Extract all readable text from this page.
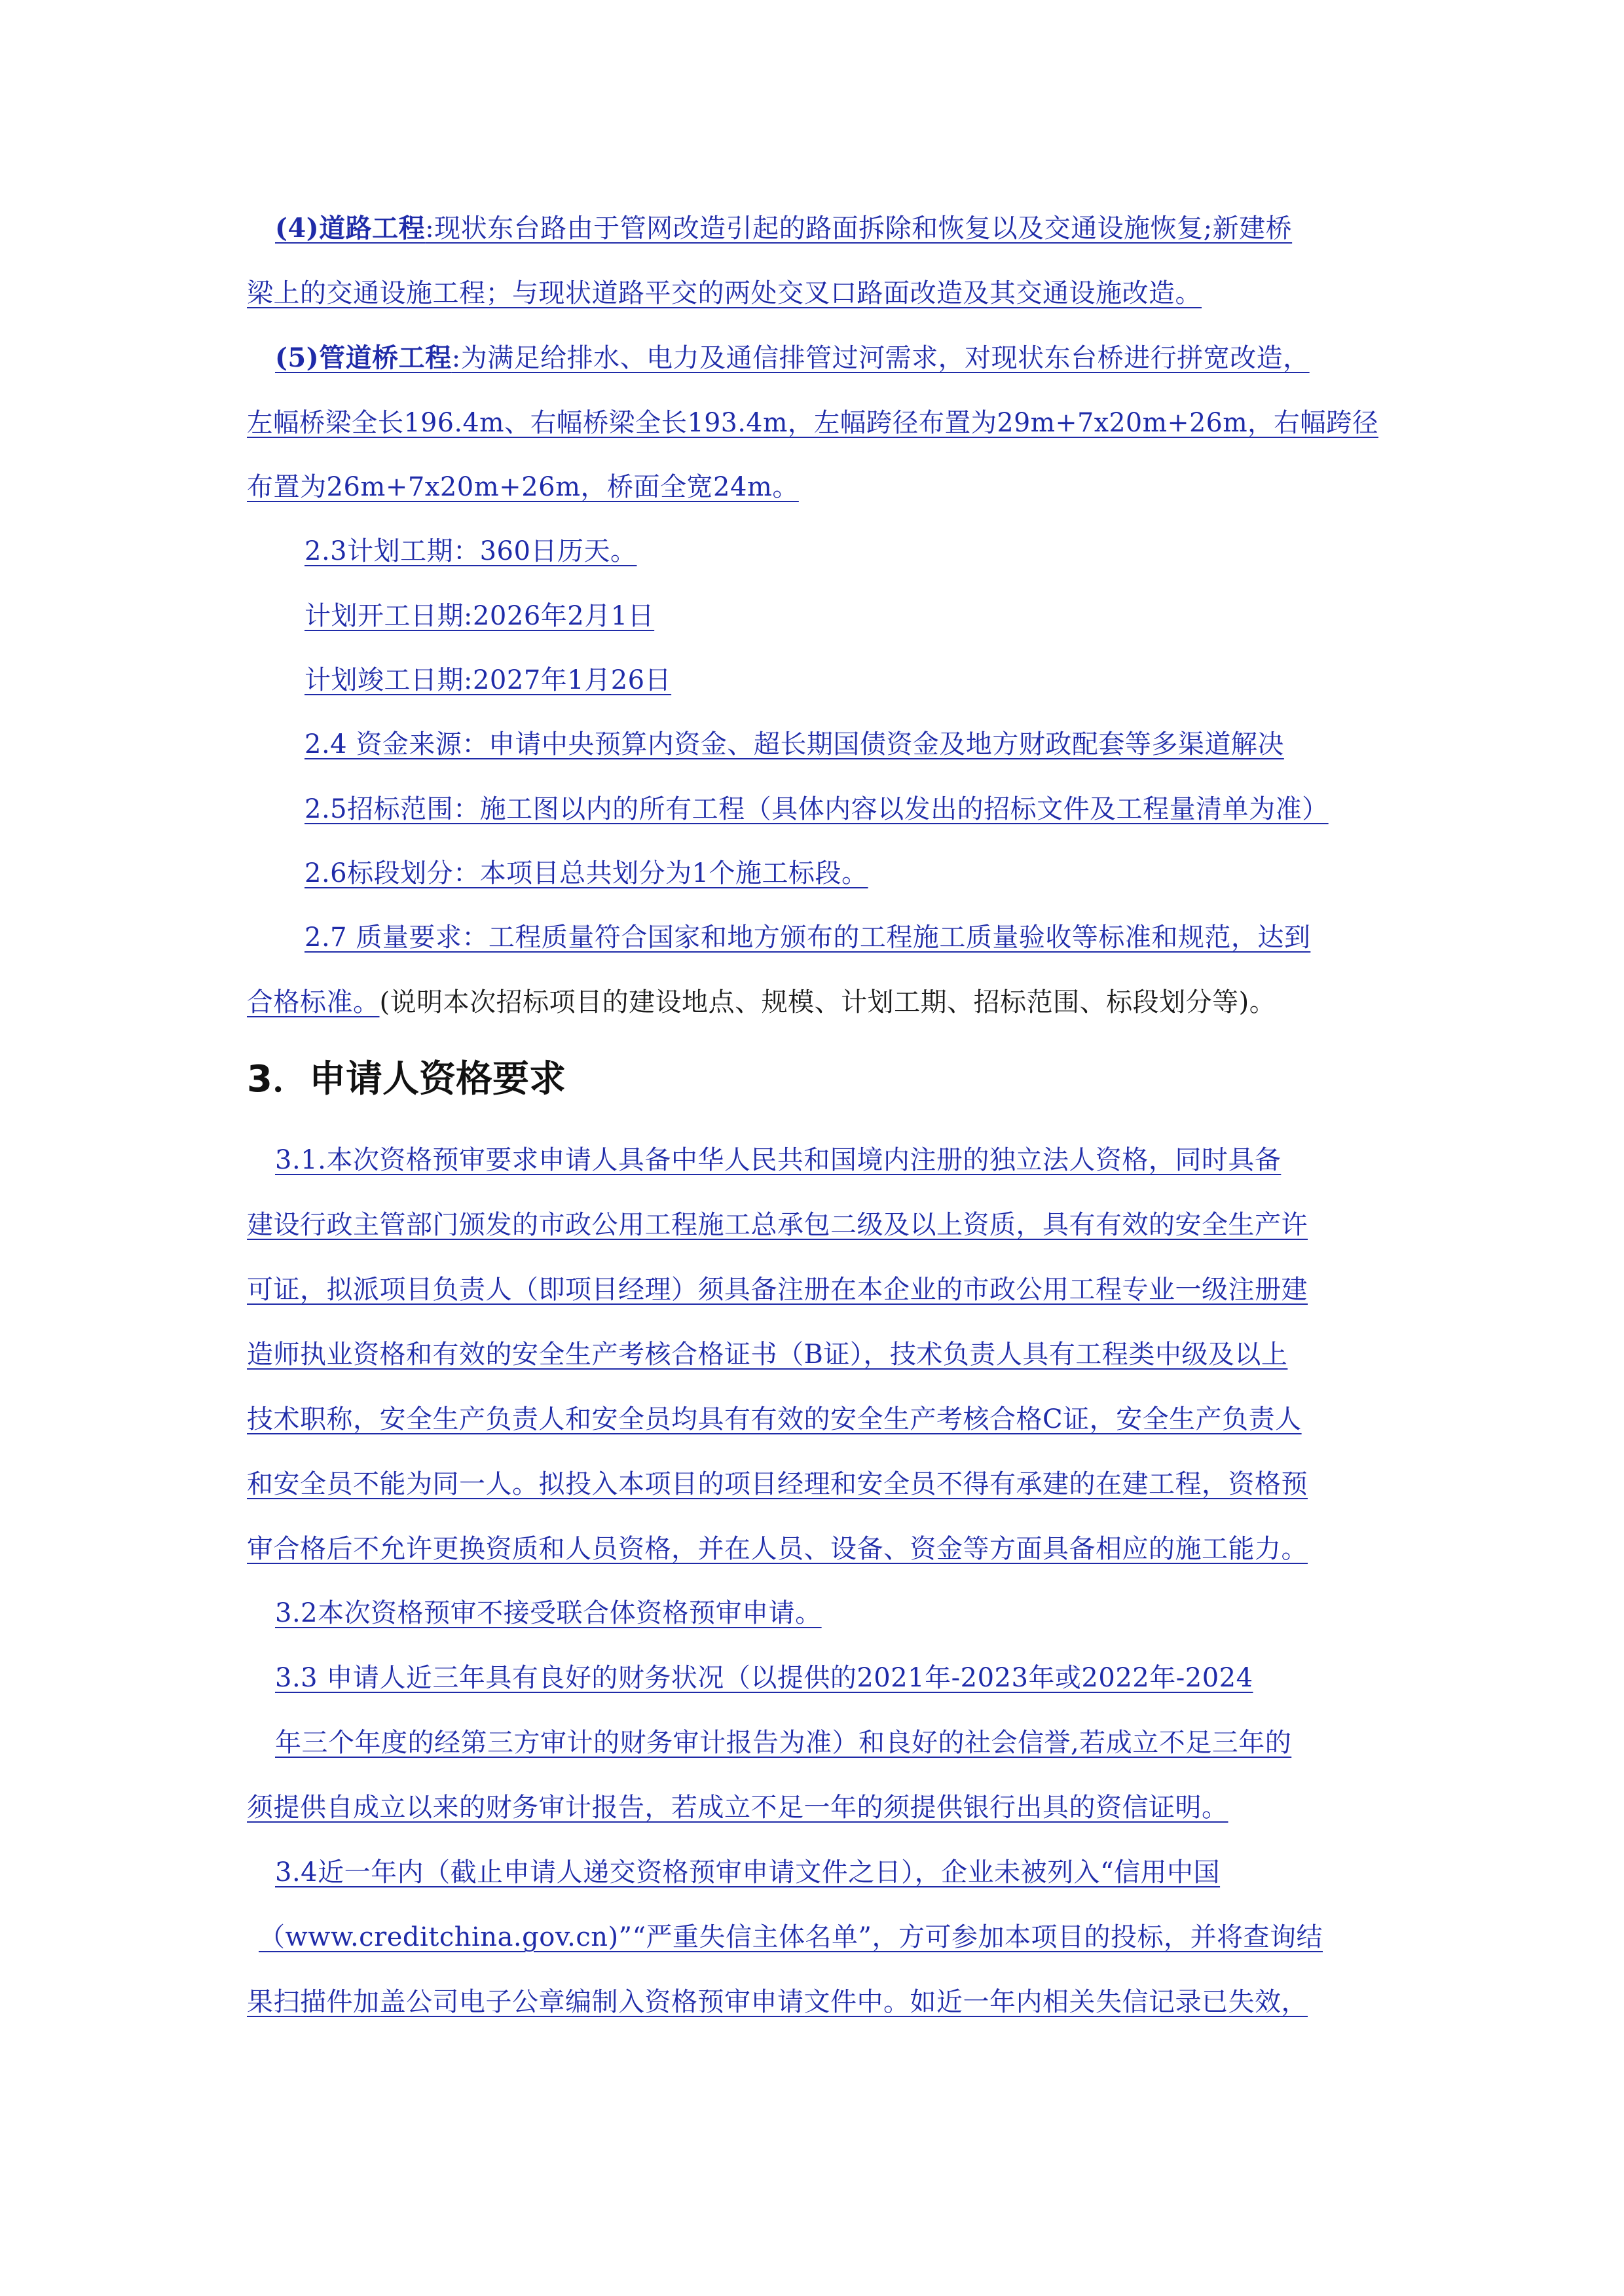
(4)道路工程:现状东台路由于管网改造引起的路面拆除和恢复以及交通设施恢复;新建桥
梁上的交通设施工程；与现状道路平交的两处交叉口路面改造及其交通设施改造。
(5)管道桥工程:为满足给排水、电力及通信排管过河需求，对现状东台桥进行拼宽改造，
左幅桥梁全长196.4m、右幅桥梁全长193.4m，左幅跨径布置为29m+7x20m+26m，右幅跨径
布置为26m+7x20m+26m，桥面全宽24m。
2.3计划工期：360日历天。
计划开工日期:2026年2月1日
计划竣工日期:2027年1月26日
2.4 资金来源：申请中央预算内资金、超长期国债资金及地方财政配套等多渠道解决
2.5招标范围：施工图以内的所有工程（具体内容以发出的招标文件及工程量清单为准）
2.6标段划分：本项目总共划分为1个施工标段。
2.7 质量要求：工程质量符合国家和地方颁布的工程施工质量验收等标准和规范，达到
合格标准。(说明本次招标项目的建设地点、规模、计划工期、招标范围、标段划分等)。
3．申请人资格要求
3.1.本次资格预审要求申请人具备中华人民共和国境内注册的独立法人资格，同时具备
建设行政主管部门颁发的市政公用工程施工总承包二级及以上资质，具有有效的安全生产许
可证，拟派项目负责人（即项目经理）须具备注册在本企业的市政公用工程专业一级注册建
造师执业资格和有效的安全生产考核合格证书（B证），技术负责人具有工程类中级及以上
技术职称，安全生产负责人和安全员均具有有效的安全生产考核合格C证，安全生产负责人
和安全员不能为同一人。拟投入本项目的项目经理和安全员不得有承建的在建工程，资格预
审合格后不允许更换资质和人员资格，并在人员、设备、资金等方面具备相应的施工能力。
3.2本次资格预审不接受联合体资格预审申请。
3.3 申请人近三年具有良好的财务状况（以提供的2021年-2023年或2022年-2024
年三个年度的经第三方审计的财务审计报告为准）和良好的社会信誉,若成立不足三年的
须提供自成立以来的财务审计报告，若成立不足一年的须提供银行出具的资信证明。
3.4近一年内（截止申请人递交资格预审申请文件之日），企业未被列入“信用中国
（www.creditchina.gov.cn)”“严重失信主体名单”，方可参加本项目的投标，并将查询结
果扫描件加盖公司电子公章编制入资格预审申请文件中。如近一年内相关失信记录已失效，
